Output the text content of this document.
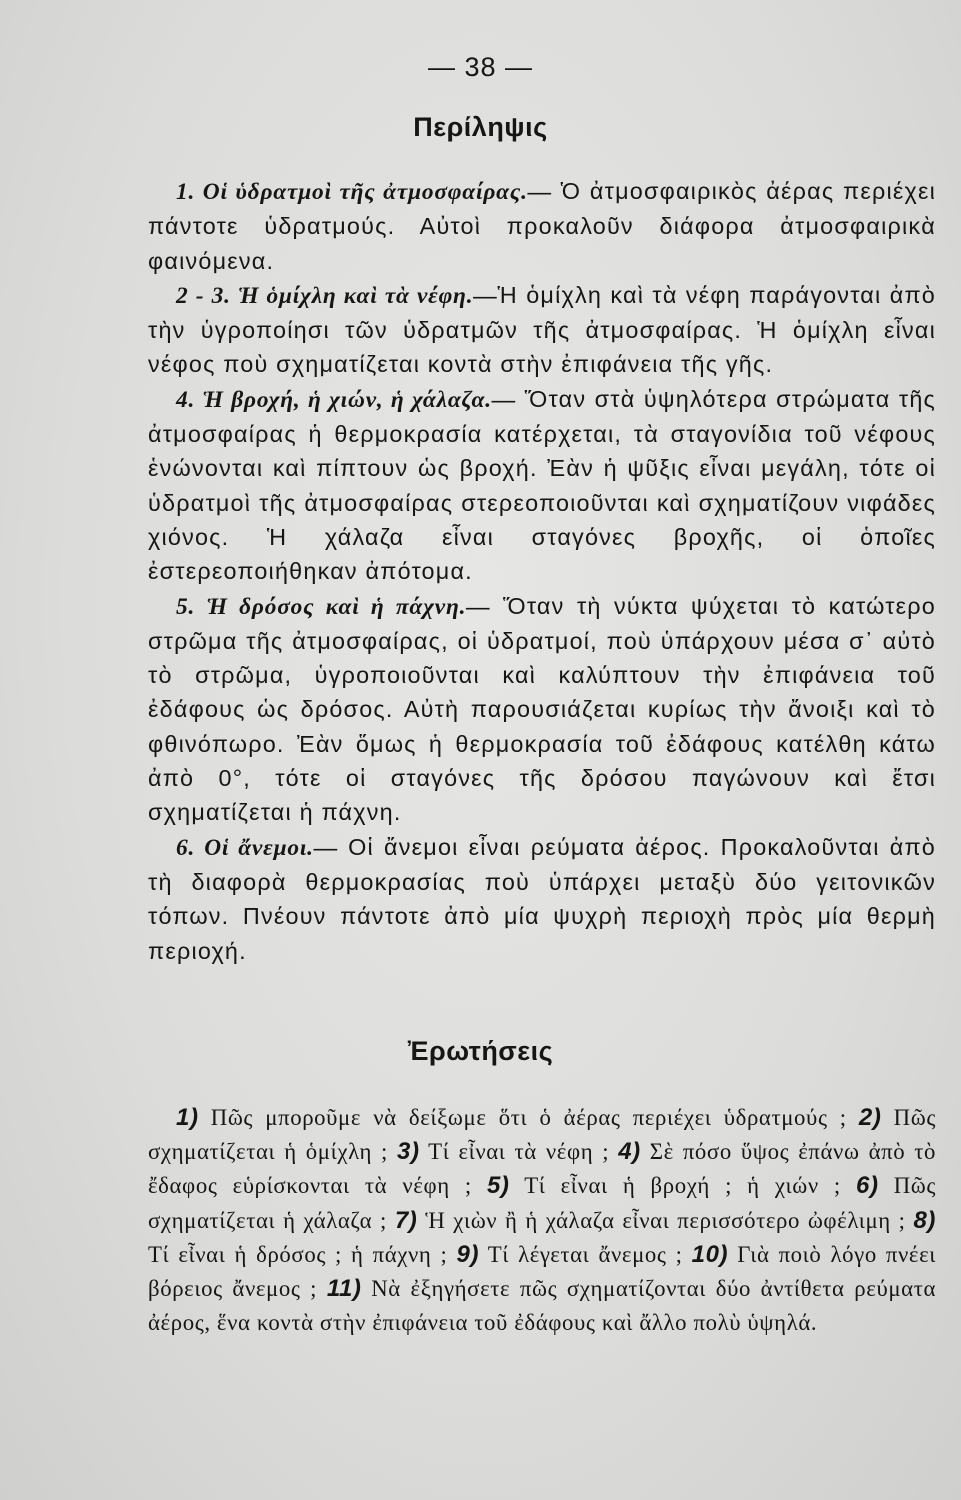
— 38 —
Περίληψις

1. Οἱ ὑδρατμοὶ τῆς ἀτμοσφαίρας.— Ὁ ἀτμοσφαιρικὸς ἀέρας περιέχει πάντοτε ὑδρατμούς. Αὐτοὶ προκαλοῦν διάφορα ἀτμοσφαιρικὰ φαινόμενα.

2 - 3. Ἡ ὁμίχλη καὶ τὰ νέφη.—Ἡ ὁμίχλη καὶ τὰ νέφη παράγονται ἀπὸ τὴν ὑγροποίησι τῶν ὑδρατμῶν τῆς ἀτμοσφαίρας. Ἡ ὁμίχλη εἶναι νέφος ποὺ σχηματίζεται κοντὰ στὴν ἐπιφάνεια τῆς γῆς.

4. Ἡ βροχή, ἡ χιών, ἡ χάλαζα.— Ὅταν στὰ ὑψηλότερα στρώματα τῆς ἀτμοσφαίρας ἡ θερμοκρασία κατέρχεται, τὰ σταγονίδια τοῦ νέφους ἑνώνονται καὶ πίπτουν ὡς βροχή. Ἐὰν ἡ ψῦξις εἶναι μεγάλη, τότε οἱ ὑδρατμοὶ τῆς ἀτμοσφαίρας στερεοποιοῦνται καὶ σχηματίζουν νιφάδες χιόνος. Ἡ χάλαζα εἶναι σταγόνες βροχῆς, οἱ ὁποῖες ἐστερεοποιήθηκαν ἀπότομα.

5. Ἡ δρόσος καὶ ἡ πάχνη.— Ὅταν τὴ νύκτα ψύχεται τὸ κατώτερο στρῶμα τῆς ἀτμοσφαίρας, οἱ ὑδρατμοί, ποὺ ὑπάρχουν μέσα σ᾽ αὐτὸ τὸ στρῶμα, ὑγροποιοῦνται καὶ καλύπτουν τὴν ἐπιφάνεια τοῦ ἐδάφους ὡς δρόσος. Αὐτὴ παρουσιάζεται κυρίως τὴν ἄνοιξι καὶ τὸ φθινόπωρο. Ἐὰν ὅμως ἡ θερμοκρασία τοῦ ἐδάφους κατέλθη κάτω ἀπὸ 0°, τότε οἱ σταγόνες τῆς δρόσου παγώνουν καὶ ἔτσι σχηματίζεται ἡ πάχνη.

6. Οἱ ἄνεμοι.— Οἱ ἄνεμοι εἶναι ρεύματα ἀέρος. Προκαλοῦνται ἀπὸ τὴ διαφορὰ θερμοκρασίας ποὺ ὑπάρχει μεταξὺ δύο γειτονικῶν τόπων. Πνέουν πάντοτε ἀπὸ μία ψυχρὴ περιοχὴ πρὸς μία θερμὴ περιοχή.

Ἐρωτήσεις
1) Πῶς μποροῦμε νὰ δείξωμε ὅτι ὁ ἀέρας περιέχει ὑδρατμούς ; 2) Πῶς σχηματίζεται ἡ ὁμίχλη ; 3) Τί εἶναι τὰ νέφη ; 4) Σὲ πόσο ὕψος ἐπάνω ἀπὸ τὸ ἔδαφος εὑρίσκονται τὰ νέφη ; 5) Τί εἶναι ἡ βροχή ; ἡ χιών ; 6) Πῶς σχηματίζεται ἡ χάλαζα ; 7) Ἡ χιὼν ἢ ἡ χάλαζα εἶναι περισσότερο ὠφέλιμη ; 8) Τί εἶναι ἡ δρόσος ; ἡ πάχνη ; 9) Τί λέγεται ἄνεμος ; 10) Γιὰ ποιὸ λόγο πνέει βόρειος ἄνεμος ; 11) Νὰ ἐξηγήσετε πῶς σχηματίζονται δύο ἀντίθετα ρεύματα ἀέρος, ἕνα κοντὰ στὴν ἐπιφάνεια τοῦ ἐδάφους καὶ ἄλλο πολὺ ὑψηλά.
